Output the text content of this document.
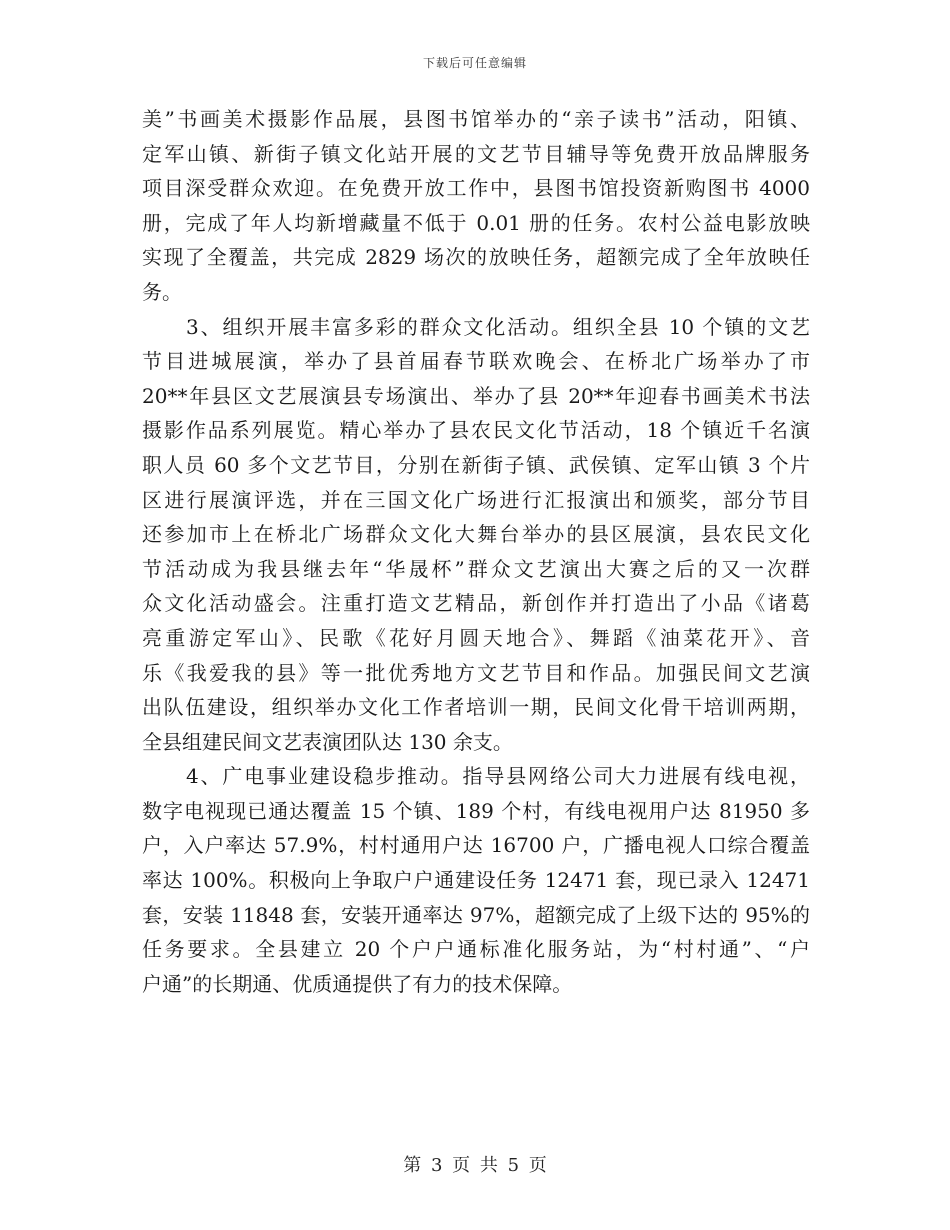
下载后可任意编辑
美”书画美术摄影作品展，县图书馆举办的“亲子读书”活动，阳镇、
定军山镇、新街子镇文化站开展的文艺节目辅导等免费开放品牌服务
项目深受群众欢迎。在免费开放工作中，县图书馆投资新购图书 4000
册，完成了年人均新增藏量不低于 0.01 册的任务。农村公益电影放映
实现了全覆盖，共完成 2829 场次的放映任务，超额完成了全年放映任
务。
3、组织开展丰富多彩的群众文化活动。组织全县 10 个镇的文艺
节目进城展演，举办了县首届春节联欢晚会、在桥北广场举办了市
20**年县区文艺展演县专场演出、举办了县 20**年迎春书画美术书法
摄影作品系列展览。精心举办了县农民文化节活动，18 个镇近千名演
职人员 60 多个文艺节目，分别在新街子镇、武侯镇、定军山镇 3 个片
区进行展演评选，并在三国文化广场进行汇报演出和颁奖，部分节目
还参加市上在桥北广场群众文化大舞台举办的县区展演，县农民文化
节活动成为我县继去年“华晟杯”群众文艺演出大赛之后的又一次群
众文化活动盛会。注重打造文艺精品，新创作并打造出了小品《诸葛
亮重游定军山》、民歌《花好月圆天地合》、舞蹈《油菜花开》、音
乐《我爱我的县》等一批优秀地方文艺节目和作品。加强民间文艺演
出队伍建设，组织举办文化工作者培训一期，民间文化骨干培训两期，
全县组建民间文艺表演团队达 130 余支。
4、广电事业建设稳步推动。指导县网络公司大力进展有线电视，
数字电视现已通达覆盖 15 个镇、189 个村，有线电视用户达 81950 多
户，入户率达 57.9%，村村通用户达 16700 户，广播电视人口综合覆盖
率达 100%。积极向上争取户户通建设任务 12471 套，现已录入 12471
套，安装 11848 套，安装开通率达 97%，超额完成了上级下达的 95%的
任务要求。全县建立 20 个户户通标准化服务站，为“村村通”、“户
户通”的长期通、优质通提供了有力的技术保障。
第 3 页 共 5 页
